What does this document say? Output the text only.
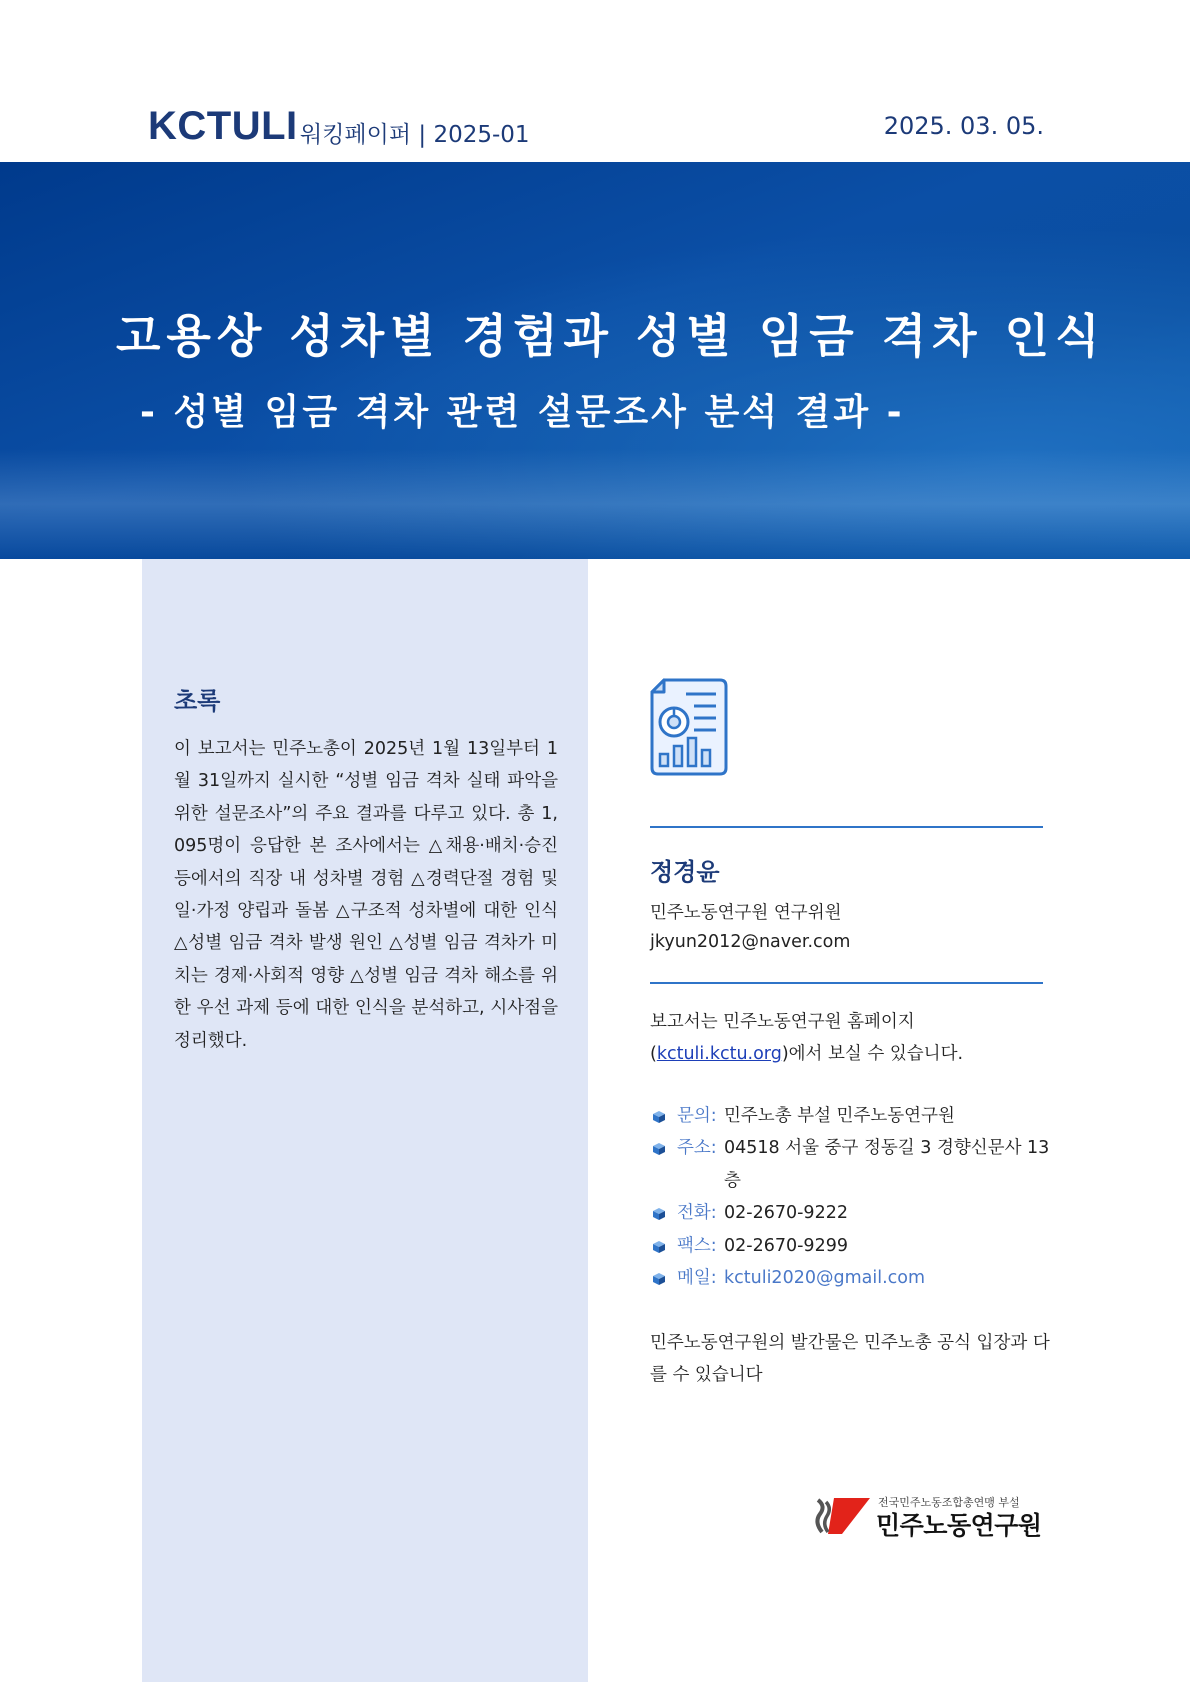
KCTULI 워킹페이퍼 | 2025-01	2025. 03. 05.
고용상 성차별 경험과 성별 임금 격차 인식
- 성별 임금 격차 관련 설문조사 분석 결과 -
초록
이 보고서는 민주노총이 2025년 1월 13일부터 1월 31일까지 실시한 “성별 임금 격차 실태 파악을 위한 설문조사”의 주요 결과를 다루고 있다. 총 1,095명이 응답한 본 조사에서는 △채용·배치·승진 등에서의 직장 내 성차별 경험 △경력단절 경험 및 일·가정 양립과 돌봄 △구조적 성차별에 대한 인식 △성별 임금 격차 발생 원인 △성별 임금 격차가 미치는 경제·사회적 영향 △성별 임금 격차 해소를 위한 우선 과제 등에 대한 인식을 분석하고, 시사점을 정리했다.
정경윤
민주노동연구원 연구위원
jkyun2012@naver.com
보고서는 민주노동연구원 홈페이지(kctuli.kctu.org)에서 보실 수 있습니다.
문의: 민주노총 부설 민주노동연구원
주소: 04518 서울 중구 정동길 3 경향신문사 13층
전화: 02-2670-9222
팩스: 02-2670-9299
메일: kctuli2020@gmail.com
민주노동연구원의 발간물은 민주노총 공식 입장과 다를 수 있습니다
전국민주노동조합총연맹 부설
민주노동연구원
